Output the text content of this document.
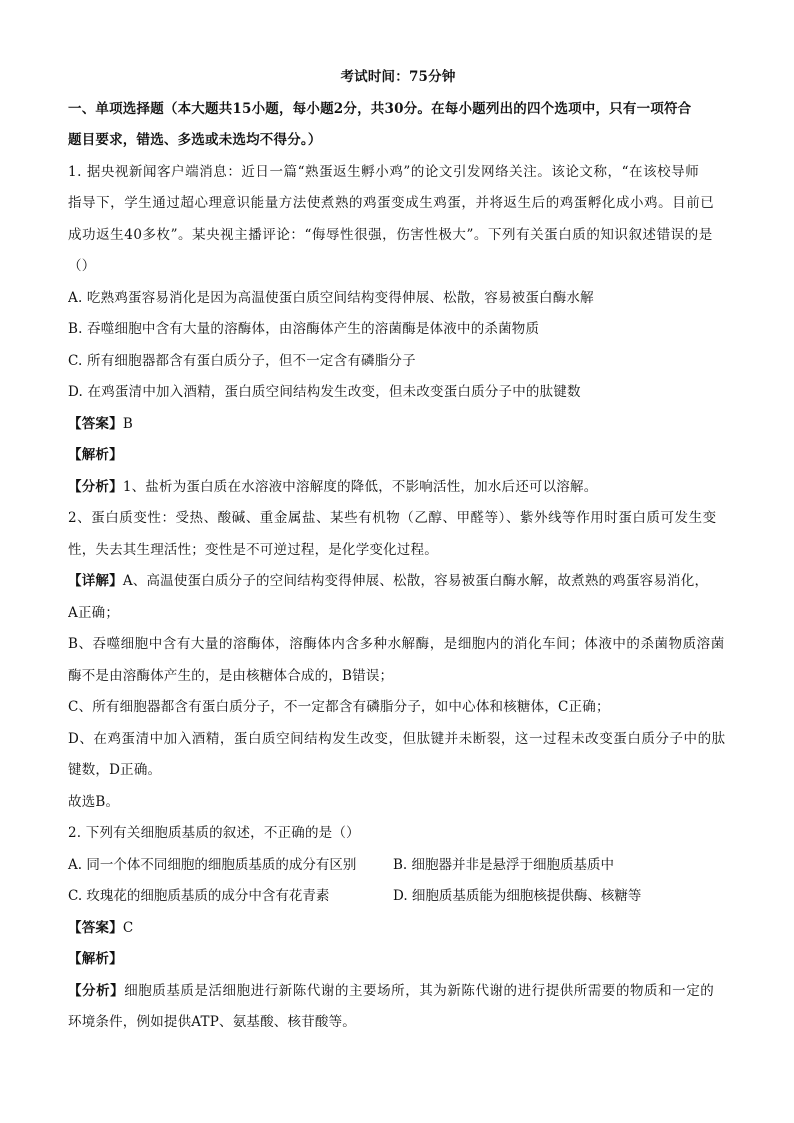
考试时间：75分钟
一、单项选择题（本大题共15小题，每小题2分，共30分。在每小题列出的四个选项中，只有一项符合
题目要求，错选、多选或未选均不得分。）
1. 据央视新闻客户端消息：近日一篇“熟蛋返生孵小鸡”的论文引发网络关注。该论文称，“在该校导师
指导下，学生通过超心理意识能量方法使煮熟的鸡蛋变成生鸡蛋，并将返生后的鸡蛋孵化成小鸡。目前已
成功返生40多枚”。某央视主播评论：“侮辱性很强，伤害性极大”。下列有关蛋白质的知识叙述错误的是
（）
A. 吃熟鸡蛋容易消化是因为高温使蛋白质空间结构变得伸展、松散，容易被蛋白酶水解
B. 吞噬细胞中含有大量的溶酶体，由溶酶体产生的溶菌酶是体液中的杀菌物质
C. 所有细胞器都含有蛋白质分子，但不一定含有磷脂分子
D. 在鸡蛋清中加入酒精，蛋白质空间结构发生改变，但未改变蛋白质分子中的肽键数
【答案】B
【解析】
【分析】1、盐析为蛋白质在水溶液中溶解度的降低，不影响活性，加水后还可以溶解。
2、蛋白质变性：受热、酸碱、重金属盐、某些有机物（乙醇、甲醛等）、紫外线等作用时蛋白质可发生变
性，失去其生理活性；变性是不可逆过程，是化学变化过程。
【详解】A、高温使蛋白质分子的空间结构变得伸展、松散，容易被蛋白酶水解，故煮熟的鸡蛋容易消化，
A正确；
B、吞噬细胞中含有大量的溶酶体，溶酶体内含多种水解酶，是细胞内的消化车间；体液中的杀菌物质溶菌
酶不是由溶酶体产生的，是由核糖体合成的，B错误；
C、所有细胞器都含有蛋白质分子，不一定都含有磷脂分子，如中心体和核糖体，C正确；
D、在鸡蛋清中加入酒精，蛋白质空间结构发生改变，但肽键并未断裂，这一过程未改变蛋白质分子中的肽
键数，D正确。
故选B。
2. 下列有关细胞质基质的叙述，不正确的是（）
A. 同一个体不同细胞的细胞质基质的成分有区别	B. 细胞器并非是悬浮于细胞质基质中
C. 玫瑰花的细胞质基质的成分中含有花青素	D. 细胞质基质能为细胞核提供酶、核糖等
【答案】C
【解析】
【分析】细胞质基质是活细胞进行新陈代谢的主要场所，其为新陈代谢的进行提供所需要的物质和一定的
环境条件，例如提供ATP、氨基酸、核苷酸等。
